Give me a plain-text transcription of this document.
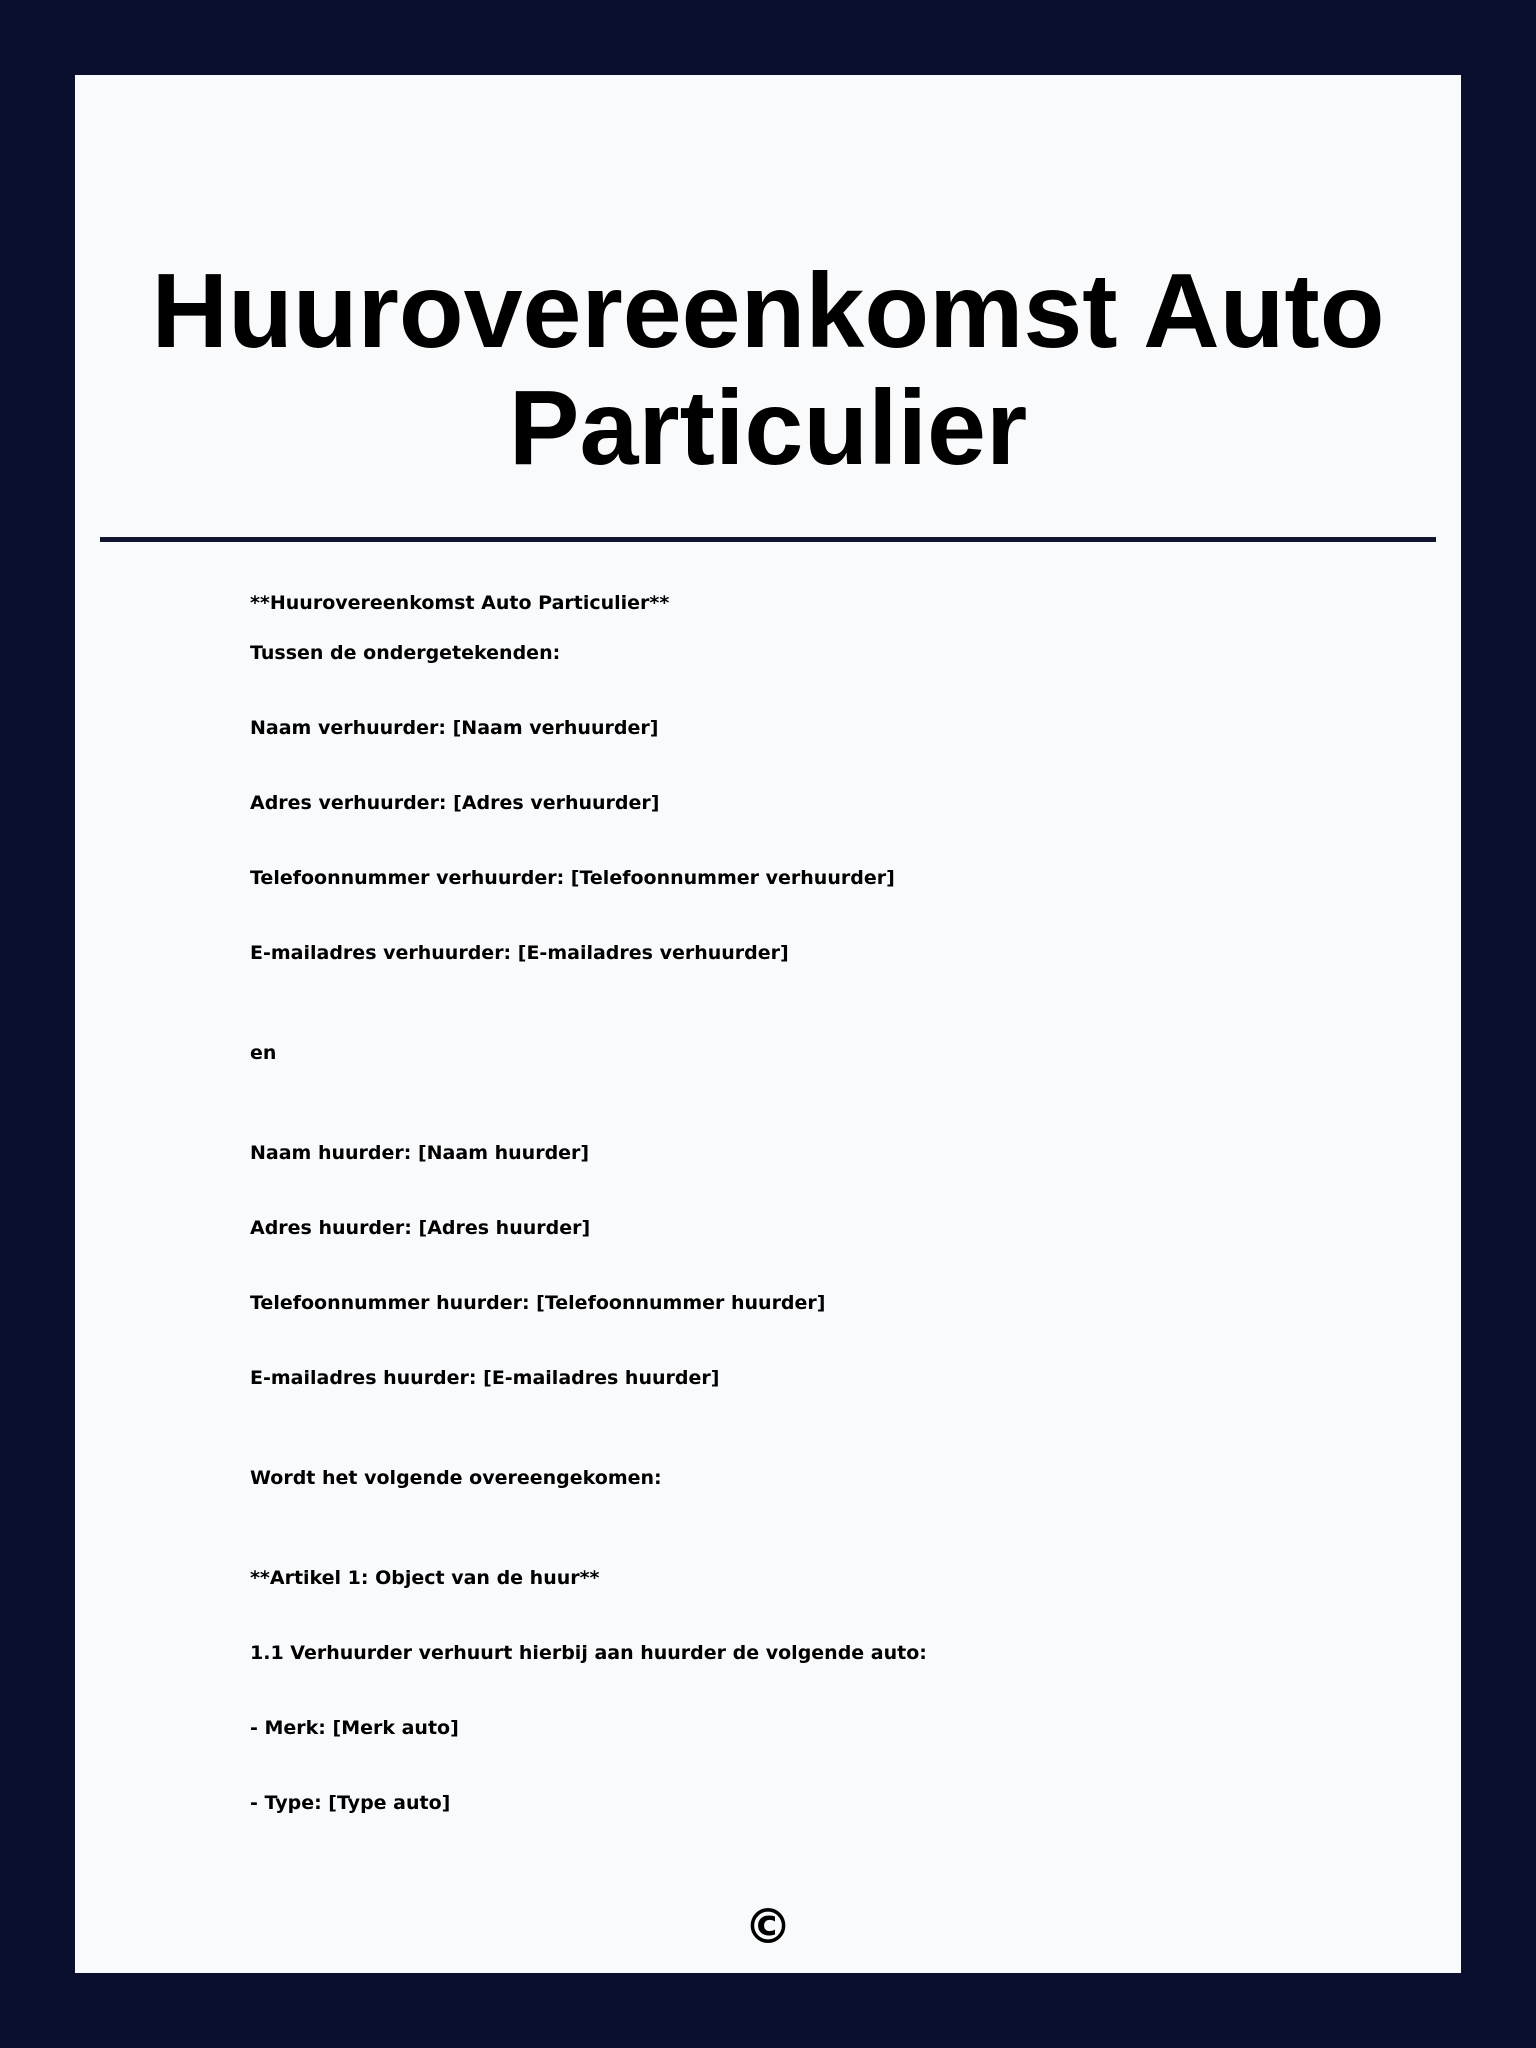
Huurovereenkomst Auto
Particulier

**Huurovereenkomst Auto Particulier**

Tussen de ondergetekenden:

Naam verhuurder: [Naam verhuurder]

Adres verhuurder: [Adres verhuurder]

Telefoonnummer verhuurder: [Telefoonnummer verhuurder]

E-mailadres verhuurder: [E-mailadres verhuurder]

en

Naam huurder: [Naam huurder]

Adres huurder: [Adres huurder]

Telefoonnummer huurder: [Telefoonnummer huurder]

E-mailadres huurder: [E-mailadres huurder]

Wordt het volgende overeengekomen:

**Artikel 1: Object van de huur**

1.1 Verhuurder verhuurt hierbij aan huurder de volgende auto:

- Merk: [Merk auto]

- Type: [Type auto]

©
